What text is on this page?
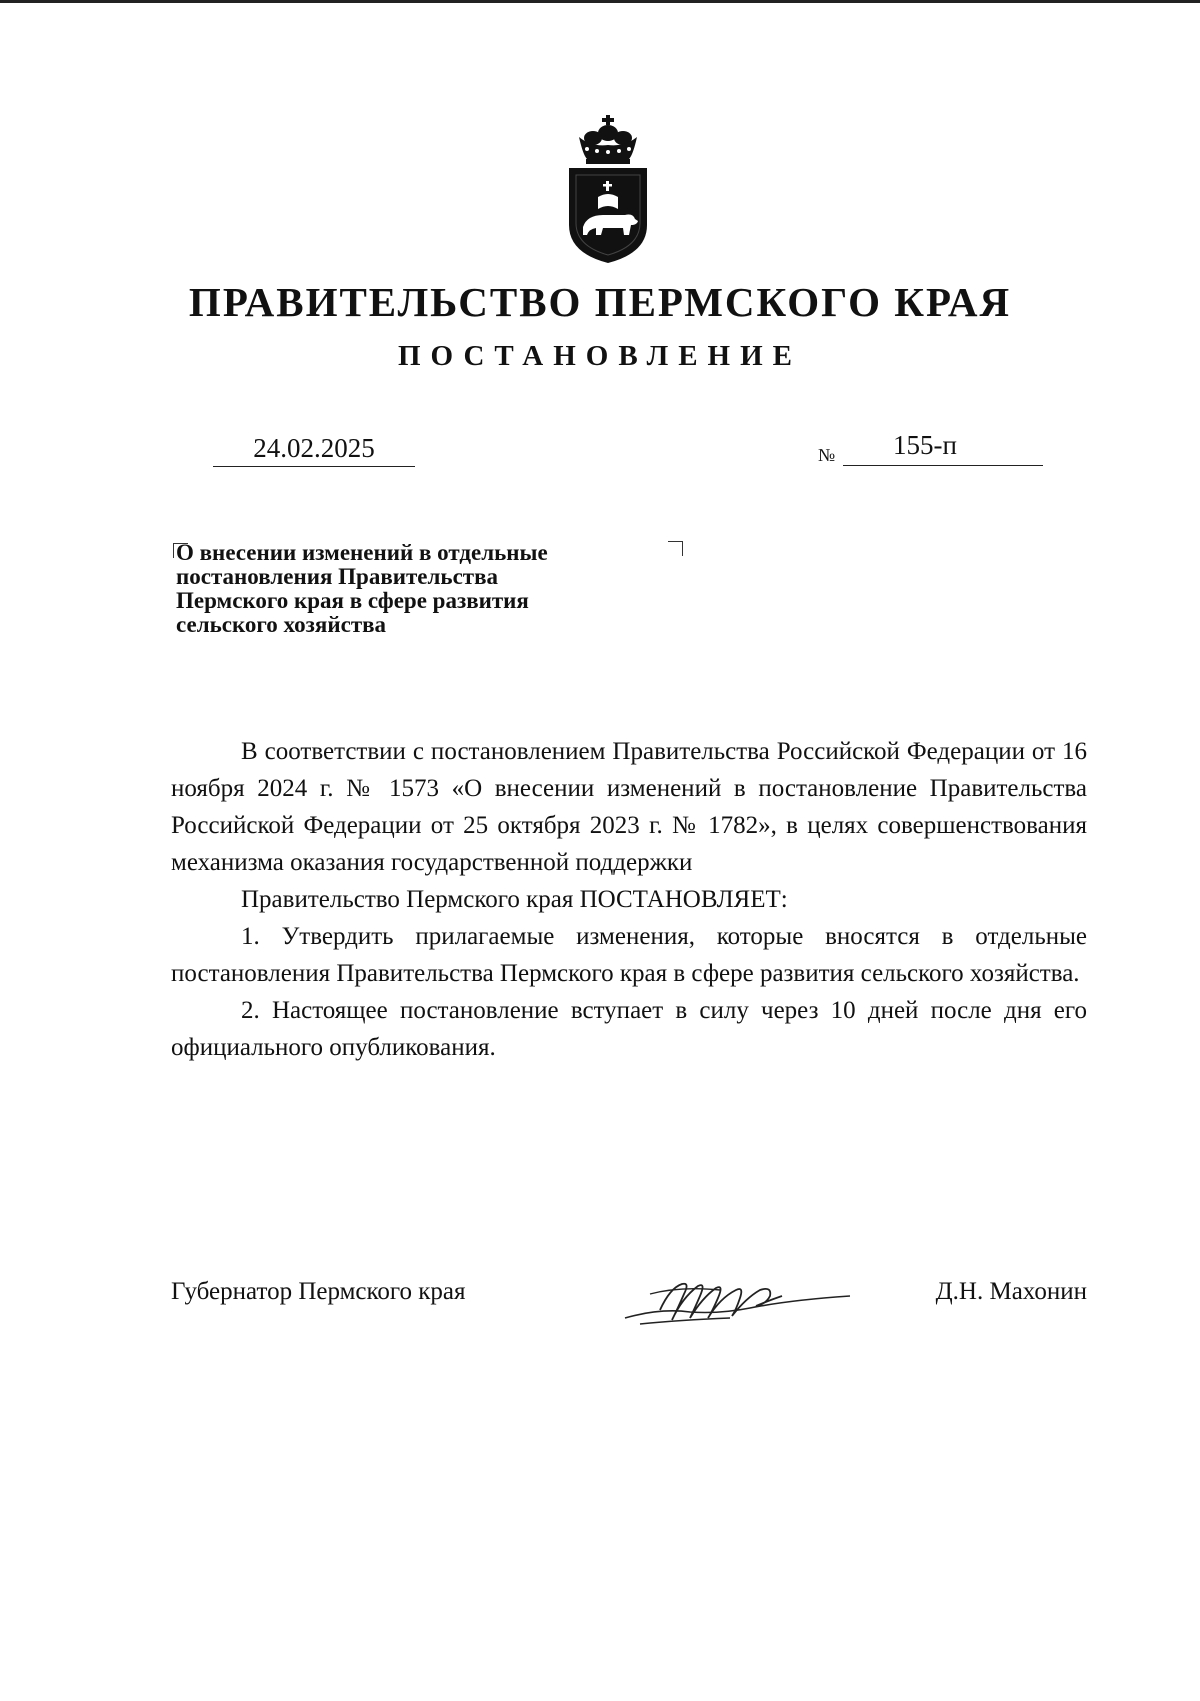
ПРАВИТЕЛЬСТВО ПЕРМСКОГО КРАЯ
ПОСТАНОВЛЕНИЕ
24.02.2025	№	155-п
О внесении изменений в отдельные
постановления Правительства
Пермского края в сфере развития
сельского хозяйства

В соответствии с постановлением Правительства Российской Федерации от 16 ноября 2024 г. № 1573 «О внесении изменений в постановление Правительства Российской Федерации от 25 октября 2023 г. № 1782», в целях совершенствования механизма оказания государственной поддержки

Правительство Пермского края ПОСТАНОВЛЯЕТ:

1. Утвердить прилагаемые изменения, которые вносятся в отдельные постановления Правительства Пермского края в сфере развития сельского хозяйства.

2. Настоящее постановление вступает в силу через 10 дней после дня его официального опубликования.

Губернатор Пермского края	Д.Н. Махонин
